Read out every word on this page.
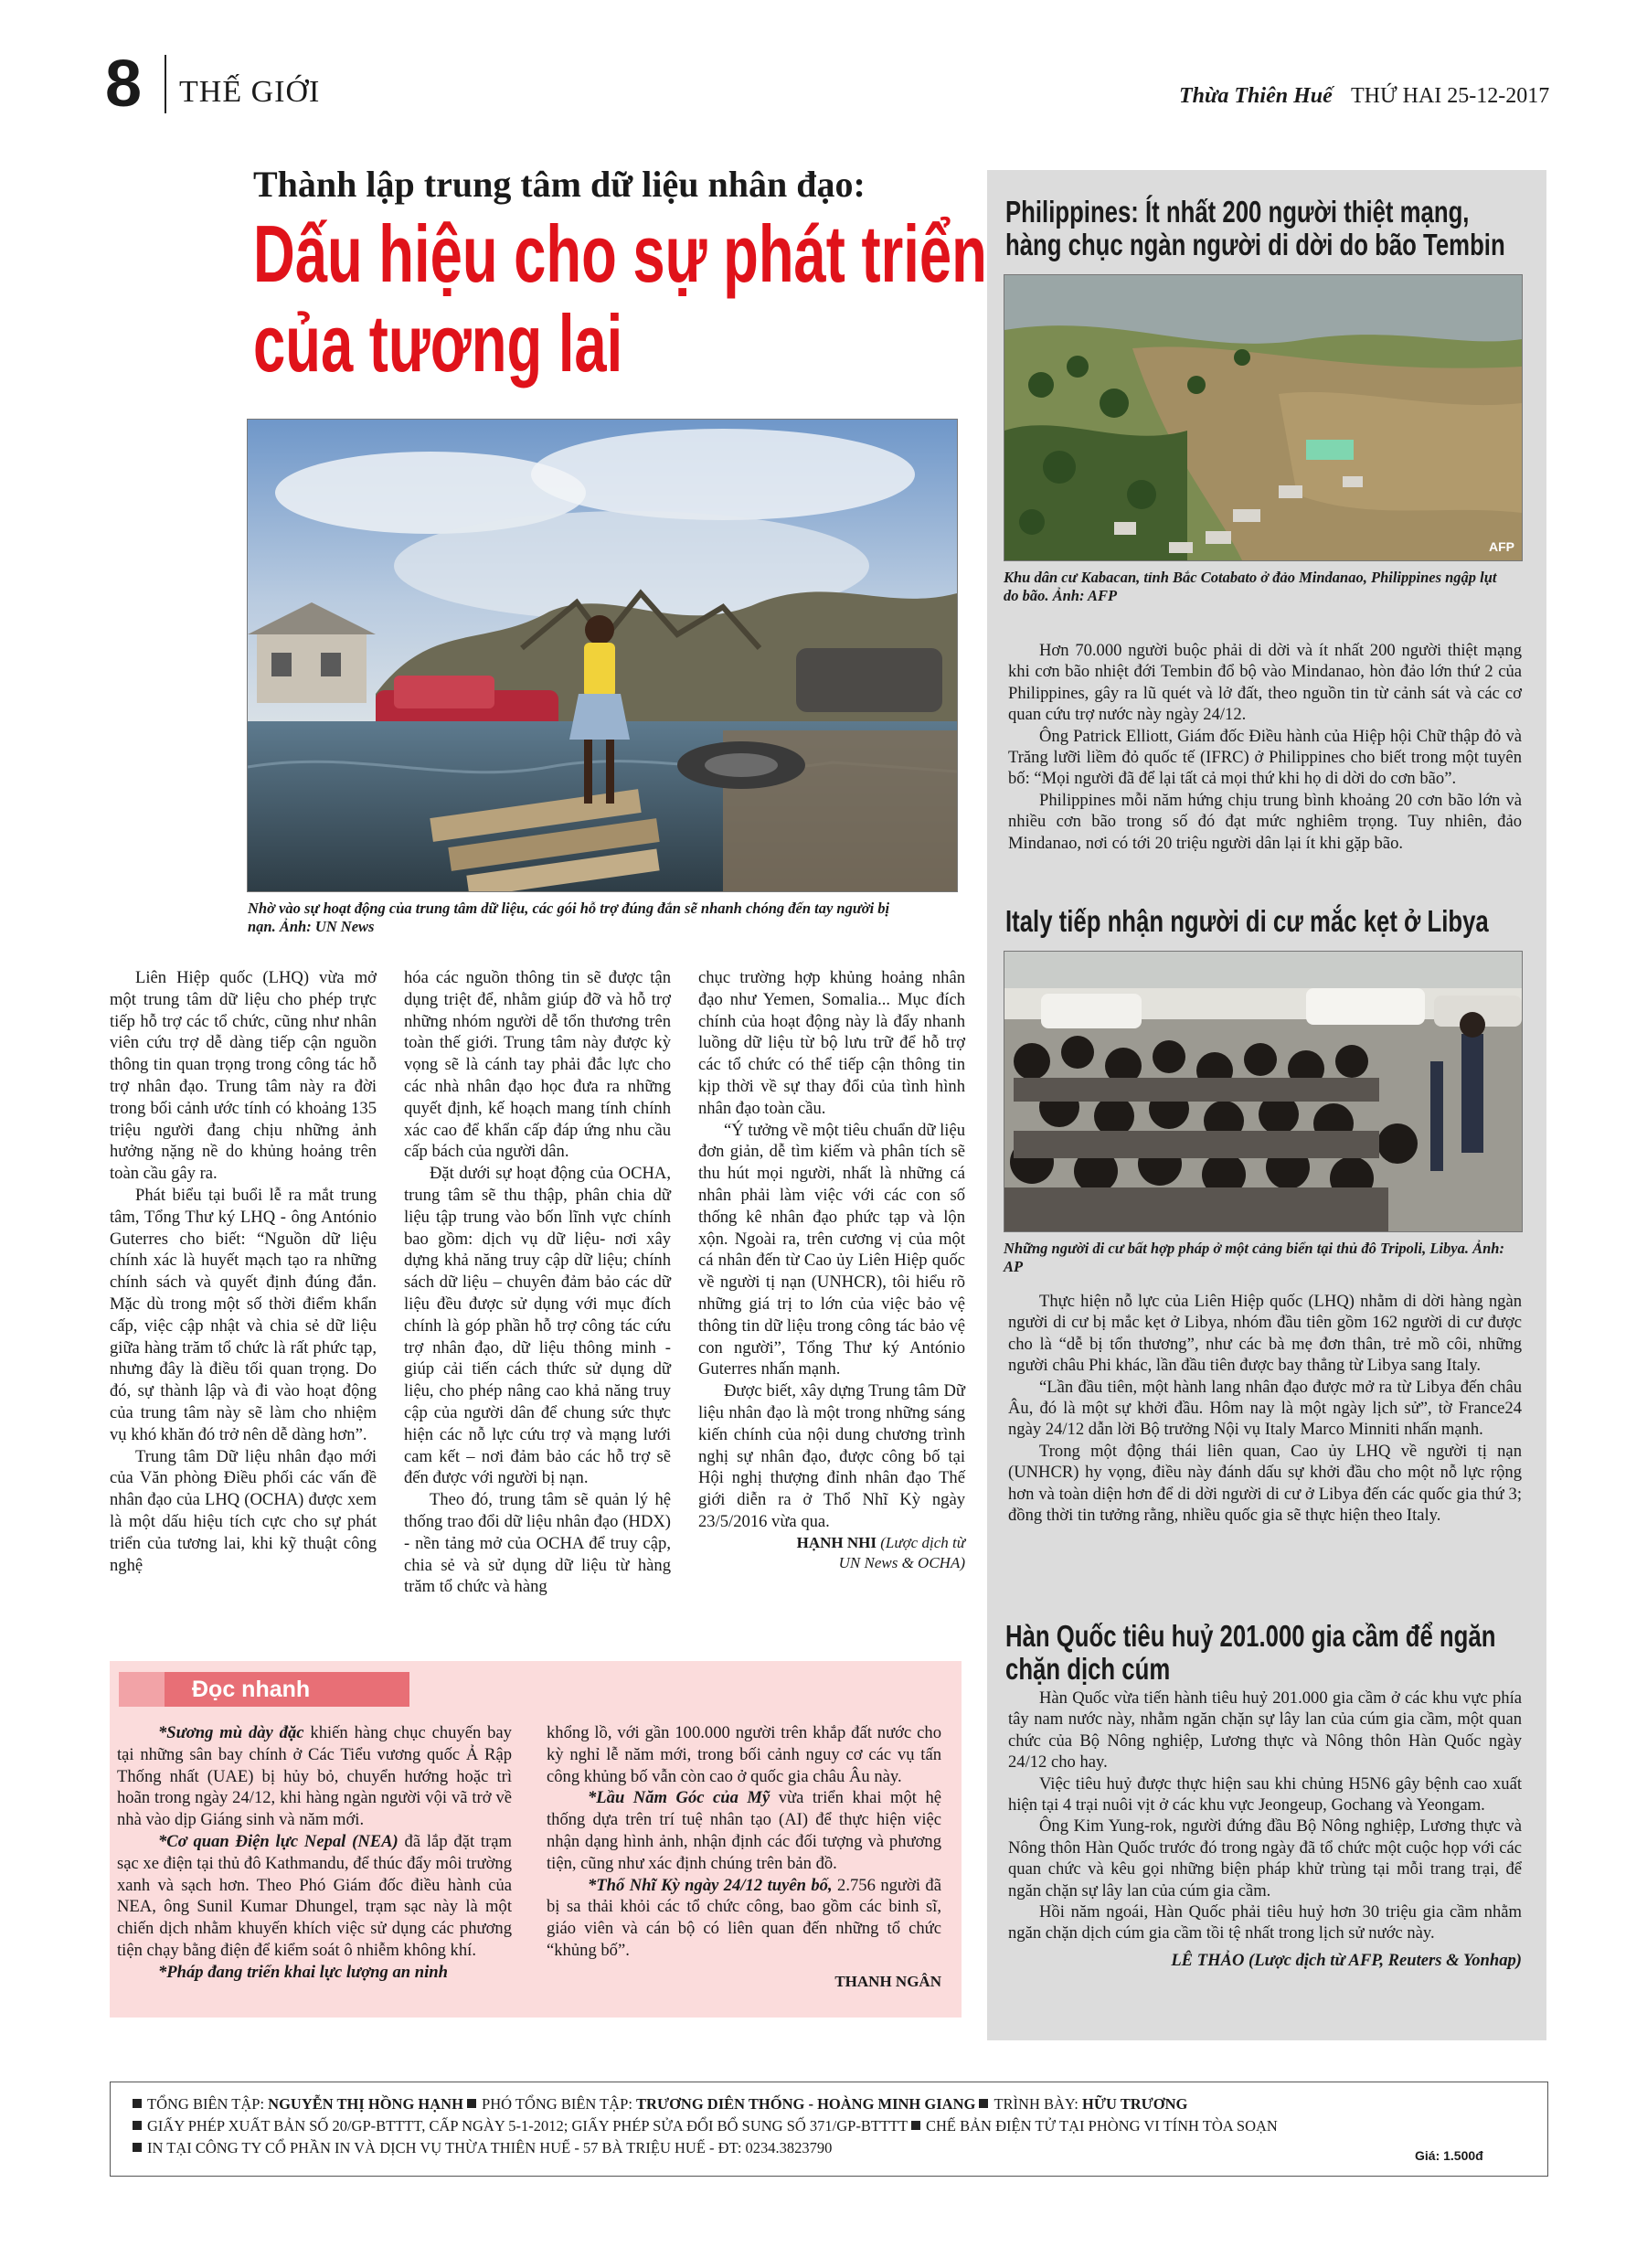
8 THẾ GIỚI	Thừa Thiên Huế THỨ HAI 25-12-2017
Thành lập trung tâm dữ liệu nhân đạo:
Dấu hiệu cho sự phát triển
của tương lai
Nhờ vào sự hoạt động của trung tâm dữ liệu, các gói hỗ trợ đúng đắn sẽ nhanh chóng đến tay người bị nạn. Ảnh: UN News

Liên Hiệp quốc (LHQ) vừa mở một trung tâm dữ liệu cho phép trực tiếp hỗ trợ các tổ chức, cũng như nhân viên cứu trợ dễ dàng tiếp cận nguồn thông tin quan trọng trong công tác hỗ trợ nhân đạo. Trung tâm này ra đời trong bối cảnh ước tính có khoảng 135 triệu người đang chịu những ảnh hưởng nặng nề do khủng hoảng trên toàn cầu gây ra.

Phát biểu tại buổi lễ ra mắt trung tâm, Tổng Thư ký LHQ - ông António Guterres cho biết: “Nguồn dữ liệu chính xác là huyết mạch tạo ra những chính sách và quyết định đúng đắn. Mặc dù trong một số thời điểm khẩn cấp, việc cập nhật và chia sẻ dữ liệu giữa hàng trăm tổ chức là rất phức tạp, nhưng đây là điều tối quan trọng. Do đó, sự thành lập và đi vào hoạt động của trung tâm này sẽ làm cho nhiệm vụ khó khăn đó trở nên dễ dàng hơn”.

Trung tâm Dữ liệu nhân đạo mới của Văn phòng Điều phối các vấn đề nhân đạo của LHQ (OCHA) được xem là một dấu hiệu tích cực cho sự phát triển của tương lai, khi kỹ thuật công nghệ

hóa các nguồn thông tin sẽ được tận dụng triệt để, nhằm giúp đỡ và hỗ trợ những nhóm người dễ tổn thương trên toàn thế giới. Trung tâm này được kỳ vọng sẽ là cánh tay phải đắc lực cho các nhà nhân đạo học đưa ra những quyết định, kế hoạch mang tính chính xác cao để khẩn cấp đáp ứng nhu cầu cấp bách của người dân.

Đặt dưới sự hoạt động của OCHA, trung tâm sẽ thu thập, phân chia dữ liệu tập trung vào bốn lĩnh vực chính bao gồm: dịch vụ dữ liệu- nơi xây dựng khả năng truy cập dữ liệu; chính sách dữ liệu – chuyên đảm bảo các dữ liệu đều được sử dụng với mục đích chính là góp phần hỗ trợ công tác cứu trợ nhân đạo, dữ liệu thông minh - giúp cải tiến cách thức sử dụng dữ liệu, cho phép nâng cao khả năng truy cập của người dân để chung sức thực hiện các nỗ lực cứu trợ và mạng lưới cam kết – nơi đảm bảo các hỗ trợ sẽ đến được với người bị nạn.

Theo đó, trung tâm sẽ quản lý hệ thống trao đổi dữ liệu nhân đạo (HDX) - nền tảng mở của OCHA để truy cập, chia sẻ và sử dụng dữ liệu từ hàng trăm tổ chức và hàng

chục trường hợp khủng hoảng nhân đạo như Yemen, Somalia... Mục đích chính của hoạt động này là đẩy nhanh luồng dữ liệu từ bộ lưu trữ để hỗ trợ các tổ chức có thể tiếp cận thông tin kịp thời về sự thay đổi của tình hình nhân đạo toàn cầu.

“Ý tưởng về một tiêu chuẩn dữ liệu đơn giản, dễ tìm kiếm và phân tích sẽ thu hút mọi người, nhất là những cá nhân phải làm việc với các con số thống kê nhân đạo phức tạp và lộn xộn. Ngoài ra, trên cương vị của một cá nhân đến từ Cao ủy Liên Hiệp quốc về người tị nạn (UNHCR), tôi hiểu rõ những giá trị to lớn của việc bảo vệ thông tin dữ liệu trong công tác bảo vệ con người”, Tổng Thư ký António Guterres nhấn mạnh.

Được biết, xây dựng Trung tâm Dữ liệu nhân đạo là một trong những sáng kiến chính của nội dung chương trình nghị sự nhân đạo, được công bố tại Hội nghị thượng đỉnh nhân đạo Thế giới diễn ra ở Thổ Nhĩ Kỳ ngày 23/5/2016 vừa qua.

HẠNH NHI (Lược dịch từ
UN News & OCHA)
Đọc nhanh

*Sương mù dày đặc khiến hàng chục chuyến bay tại những sân bay chính ở Các Tiểu vương quốc Ả Rập Thống nhất (UAE) bị hủy bỏ, chuyển hướng hoặc trì hoãn trong ngày 24/12, khi hàng ngàn người vội vã trở về nhà vào dịp Giáng sinh và năm mới.

*Cơ quan Điện lực Nepal (NEA) đã lắp đặt trạm sạc xe điện tại thủ đô Kathmandu, để thúc đẩy môi trường xanh và sạch hơn. Theo Phó Giám đốc điều hành của NEA, ông Sunil Kumar Dhungel, trạm sạc này là một chiến dịch nhằm khuyến khích việc sử dụng các phương tiện chạy bằng điện để kiểm soát ô nhiễm không khí.

*Pháp đang triển khai lực lượng an ninh

khổng lồ, với gần 100.000 người trên khắp đất nước cho kỳ nghỉ lễ năm mới, trong bối cảnh nguy cơ các vụ tấn công khủng bố vẫn còn cao ở quốc gia châu Âu này.

*Lầu Năm Góc của Mỹ vừa triển khai một hệ thống dựa trên trí tuệ nhân tạo (AI) để thực hiện việc nhận dạng hình ảnh, nhận định các đối tượng và phương tiện, cũng như xác định chúng trên bản đồ.

*Thổ Nhĩ Kỳ ngày 24/12 tuyên bố, 2.756 người đã bị sa thải khỏi các tổ chức công, bao gồm các binh sĩ, giáo viên và cán bộ có liên quan đến những tổ chức “khủng bố”.

THANH NGÂN
Philippines: Ít nhất 200 người thiệt mạng,
hàng chục ngàn người di dời do bão Tembin
AFP
Khu dân cư Kabacan, tỉnh Bắc Cotabato ở đảo Mindanao, Philippines ngập lụt do bão. Ảnh: AFP

Hơn 70.000 người buộc phải di dời và ít nhất 200 người thiệt mạng khi cơn bão nhiệt đới Tembin đổ bộ vào Mindanao, hòn đảo lớn thứ 2 của Philippines, gây ra lũ quét và lở đất, theo nguồn tin từ cảnh sát và các cơ quan cứu trợ nước này ngày 24/12.

Ông Patrick Elliott, Giám đốc Điều hành của Hiệp hội Chữ thập đỏ và Trăng lưỡi liềm đỏ quốc tế (IFRC) ở Philippines cho biết trong một tuyên bố: “Mọi người đã để lại tất cả mọi thứ khi họ di dời do cơn bão”.

Philippines mỗi năm hứng chịu trung bình khoảng 20 cơn bão lớn và nhiều cơn bão trong số đó đạt mức nghiêm trọng. Tuy nhiên, đảo Mindanao, nơi có tới 20 triệu người dân lại ít khi gặp bão.

Italy tiếp nhận người di cư mắc kẹt ở Libya
Những người di cư bất hợp pháp ở một cảng biển tại thủ đô Tripoli, Libya. Ảnh: AP

Thực hiện nỗ lực của Liên Hiệp quốc (LHQ) nhằm di dời hàng ngàn người di cư bị mắc kẹt ở Libya, nhóm đầu tiên gồm 162 người di cư được cho là “dễ bị tổn thương”, như các bà mẹ đơn thân, trẻ mồ côi, những người châu Phi khác, lần đầu tiên được bay thẳng từ Libya sang Italy.

“Lần đầu tiên, một hành lang nhân đạo được mở ra từ Libya đến châu Âu, đó là một sự khởi đầu. Hôm nay là một ngày lịch sử”, tờ France24 ngày 24/12 dẫn lời Bộ trưởng Nội vụ Italy Marco Minniti nhấn mạnh.

Trong một động thái liên quan, Cao ủy LHQ về người tị nạn (UNHCR) hy vọng, điều này đánh dấu sự khởi đầu cho một nỗ lực rộng hơn và toàn diện hơn để di dời người di cư ở Libya đến các quốc gia thứ 3; đồng thời tin tưởng rằng, nhiều quốc gia sẽ thực hiện theo Italy.

Hàn Quốc tiêu huỷ 201.000 gia cầm để ngăn
chặn dịch cúm

Hàn Quốc vừa tiến hành tiêu huỷ 201.000 gia cầm ở các khu vực phía tây nam nước này, nhằm ngăn chặn sự lây lan của cúm gia cầm, một quan chức của Bộ Nông nghiệp, Lương thực và Nông thôn Hàn Quốc ngày 24/12 cho hay.

Việc tiêu huỷ được thực hiện sau khi chủng H5N6 gây bệnh cao xuất hiện tại 4 trại nuôi vịt ở các khu vực Jeongeup, Gochang và Yeongam.

Ông Kim Yung-rok, người đứng đầu Bộ Nông nghiệp, Lương thực và Nông thôn Hàn Quốc trước đó trong ngày đã tổ chức một cuộc họp với các quan chức và kêu gọi những biện pháp khử trùng tại mỗi trang trại, để ngăn chặn sự lây lan của cúm gia cầm.

Hồi năm ngoái, Hàn Quốc phải tiêu huỷ hơn 30 triệu gia cầm nhằm ngăn chặn dịch cúm gia cầm tồi tệ nhất trong lịch sử nước này.

LÊ THẢO (Lược dịch từ AFP, Reuters & Yonhap)
TỔNG BIÊN TẬP: NGUYỄN THỊ HỒNG HẠNH PHÓ TỔNG BIÊN TẬP: TRƯƠNG DIÊN THỐNG - HOÀNG MINH GIANG TRÌNH BÀY: HỮU TRƯƠNG
GIẤY PHÉP XUẤT BẢN SỐ 20/GP-BTTTT, CẤP NGÀY 5-1-2012; GIẤY PHÉP SỬA ĐỔI BỔ SUNG SỐ 371/GP-BTTTT CHẾ BẢN ĐIỆN TỬ TẠI PHÒNG VI TÍNH TÒA SOẠN
IN TẠI CÔNG TY CỔ PHẦN IN VÀ DỊCH VỤ THỪA THIÊN HUẾ - 57 BÀ TRIỆU HUẾ - ĐT: 0234.3823790	Giá: 1.500đ
